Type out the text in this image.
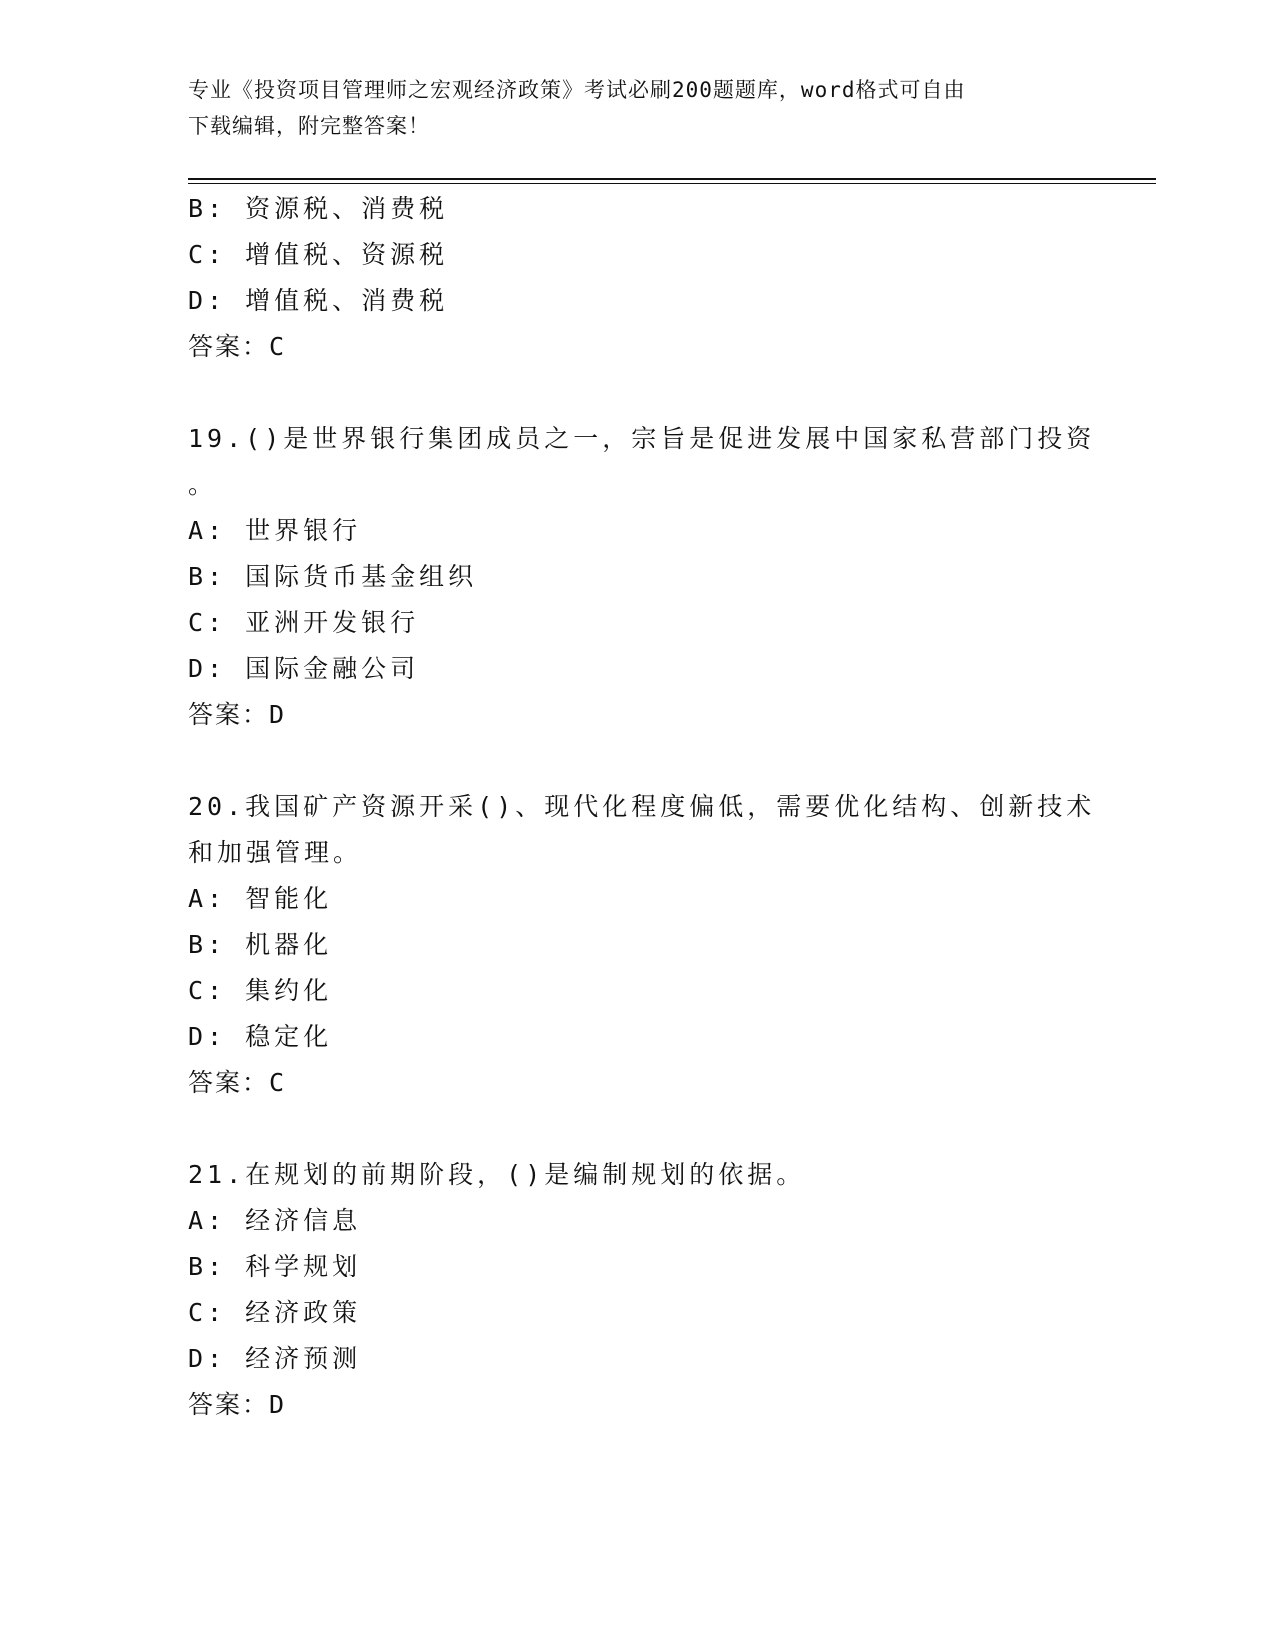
专业《投资项目管理师之宏观经济政策》考试必刷200题题库，word格式可自由
下载编辑，附完整答案！
B: 资源税、消费税
C: 增值税、资源税
D: 增值税、消费税
答案：C
19.()是世界银行集团成员之一，宗旨是促进发展中国家私营部门投资
。
A: 世界银行
B: 国际货币基金组织
C: 亚洲开发银行
D: 国际金融公司
答案：D
20.我国矿产资源开采()、现代化程度偏低，需要优化结构、创新技术
和加强管理。
A: 智能化
B: 机器化
C: 集约化
D: 稳定化
答案：C
21.在规划的前期阶段，()是编制规划的依据。
A: 经济信息
B: 科学规划
C: 经济政策
D: 经济预测
答案：D
